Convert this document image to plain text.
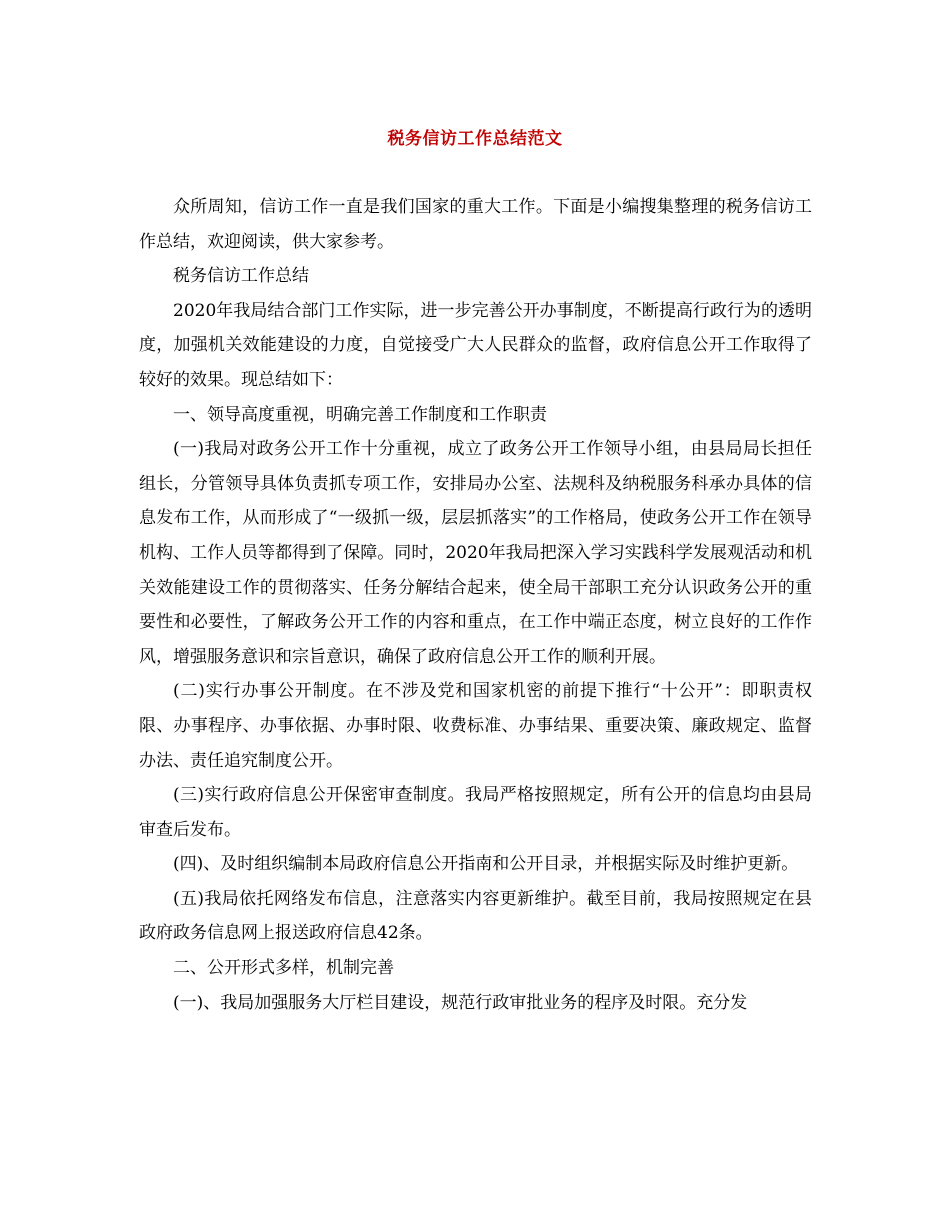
税务信访工作总结范文

众所周知，信访工作一直是我们国家的重大工作。下面是小编搜集整理的税务信访工作总结，欢迎阅读，供大家参考。

税务信访工作总结

2020年我局结合部门工作实际，进一步完善公开办事制度，不断提高行政行为的透明度，加强机关效能建设的力度，自觉接受广大人民群众的监督，政府信息公开工作取得了较好的效果。现总结如下：

一、领导高度重视，明确完善工作制度和工作职责

(一)我局对政务公开工作十分重视，成立了政务公开工作领导小组，由县局局长担任组长，分管领导具体负责抓专项工作，安排局办公室、法规科及纳税服务科承办具体的信息发布工作，从而形成了“一级抓一级，层层抓落实”的工作格局，使政务公开工作在领导机构、工作人员等都得到了保障。同时，2020年我局把深入学习实践科学发展观活动和机关效能建设工作的贯彻落实、任务分解结合起来，使全局干部职工充分认识政务公开的重要性和必要性，了解政务公开工作的内容和重点，在工作中端正态度，树立良好的工作作风，增强服务意识和宗旨意识，确保了政府信息公开工作的顺利开展。

(二)实行办事公开制度。在不涉及党和国家机密的前提下推行“十公开”：即职责权限、办事程序、办事依据、办事时限、收费标准、办事结果、重要决策、廉政规定、监督办法、责任追究制度公开。

(三)实行政府信息公开保密审查制度。我局严格按照规定，所有公开的信息均由县局审查后发布。

(四)、及时组织编制本局政府信息公开指南和公开目录，并根据实际及时维护更新。

(五)我局依托网络发布信息，注意落实内容更新维护。截至目前，我局按照规定在县政府政务信息网上报送政府信息42条。

二、公开形式多样，机制完善

(一)、我局加强服务大厅栏目建设，规范行政审批业务的程序及时限。充分发
